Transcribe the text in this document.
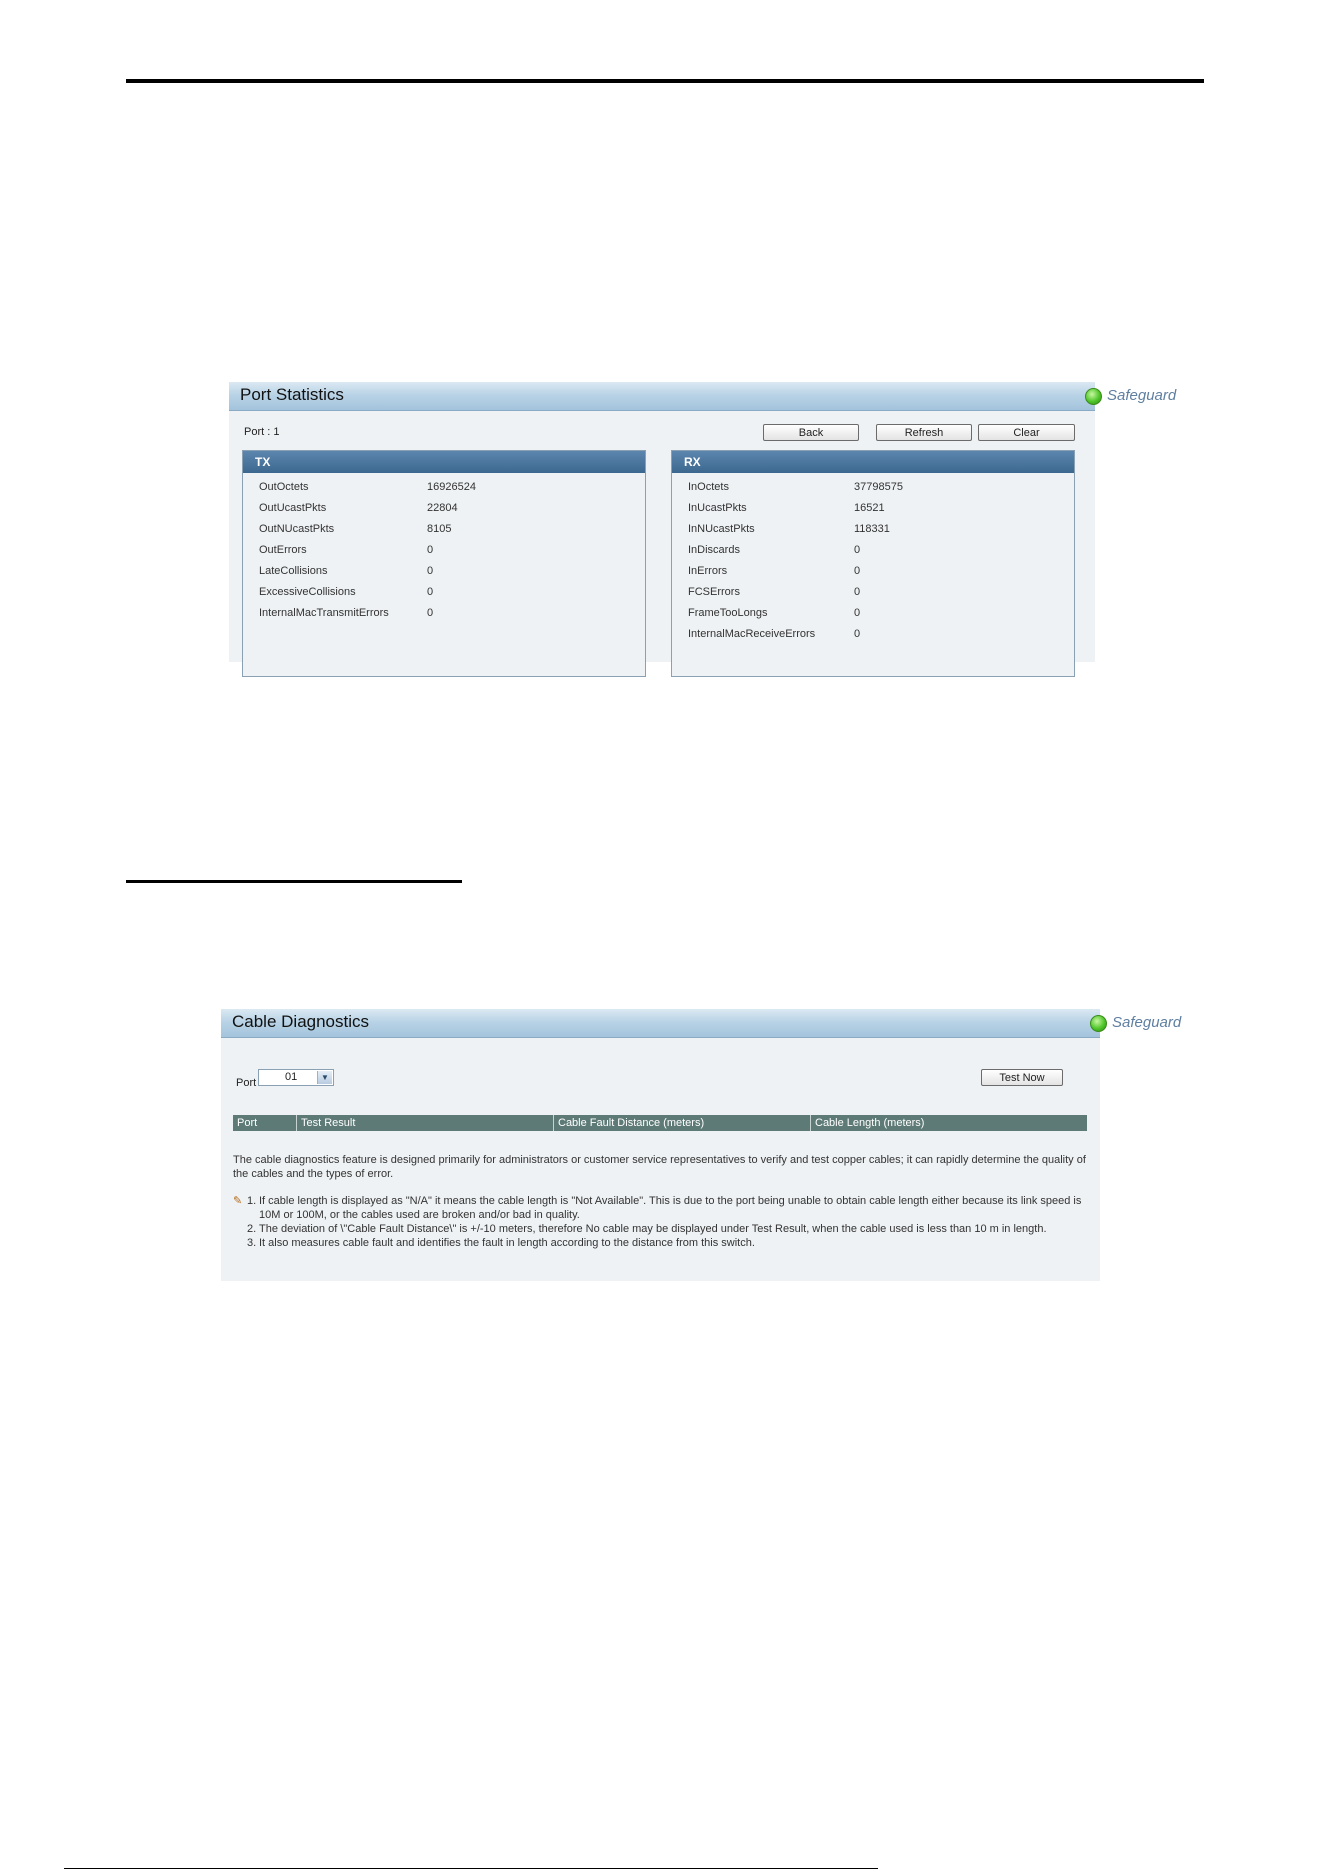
Port Statistics	Safeguard
Port : 1	Back	Refresh	Clear
TX
OutOctets	16926524
OutUcastPkts	22804
OutNUcastPkts	8105
OutErrors	0
LateCollisions	0
ExcessiveCollisions	0
InternalMacTransmitErrors	0
RX
InOctets	37798575
InUcastPkts	16521
InNUcastPkts	118331
InDiscards	0
InErrors	0
FCSErrors	0
FrameTooLongs	0
InternalMacReceiveErrors	0
Cable Diagnostics	Safeguard
Port	01	▼	Test Now
Port	Test Result	Cable Fault Distance (meters)	Cable Length (meters)
The cable diagnostics feature is designed primarily for administrators or customer service representatives to verify and test copper cables; it can rapidly determine the quality of the cables and the types of error.
✎ 1. If cable length is displayed as "N/A" it means the cable length is "Not Available". This is due to the port being unable to obtain cable length either because its link speed is 10M or 100M, or the cables used are broken and/or bad in quality.
2. The deviation of \"Cable Fault Distance\" is +/-10 meters, therefore No cable may be displayed under Test Result, when the cable used is less than 10 m in length.
3. It also measures cable fault and identifies the fault in length according to the distance from this switch.
